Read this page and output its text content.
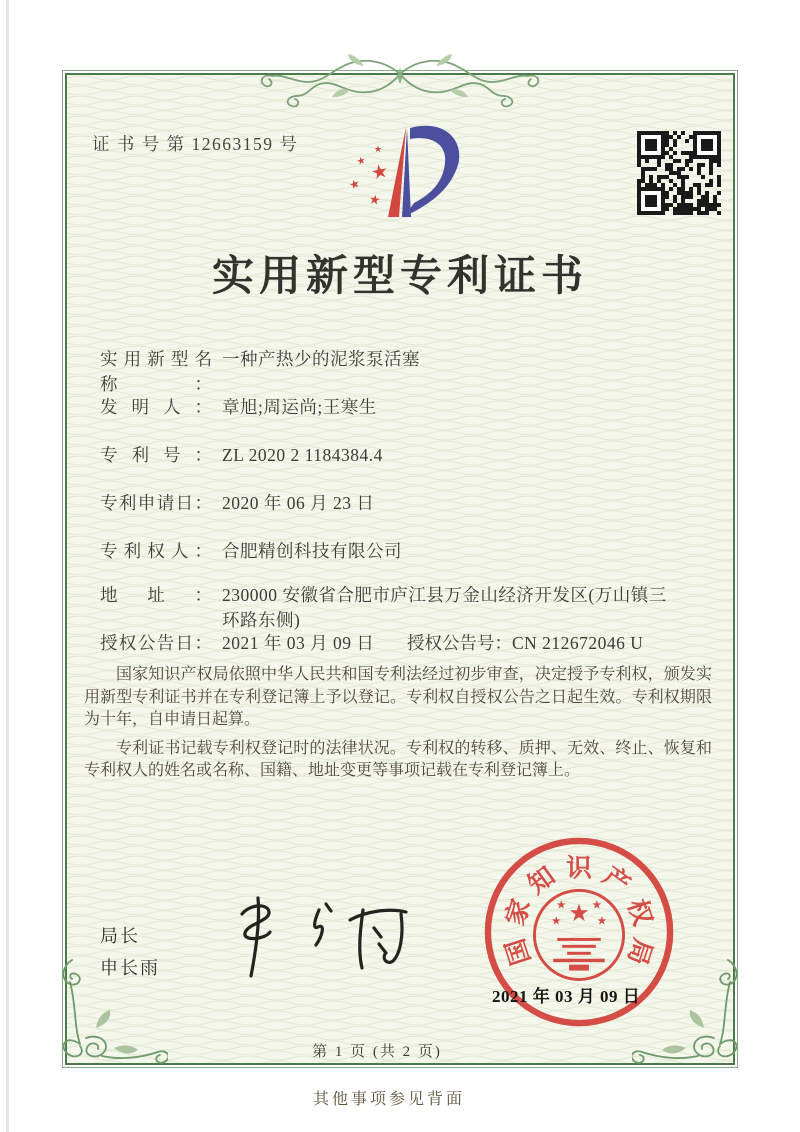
证 书 号 第 12663159 号	★
★ ★
★
★
实用新型专利证书
实用新型名称：一种产热少的泥浆泵活塞
发明人： 章旭;周运尚;王寒生
专利号： ZL 2020 2 1184384.4
专利申请日： 2020 年 06 月 23 日
专利权人： 合肥精创科技有限公司
地址： 230000 安徽省合肥市庐江县万金山经济开发区(万山镇三环路东侧)
授权公告日： 2021 年 03 月 09 日 授权公告号： CN 212672046 U

国家知识产权局依照中华人民共和国专利法经过初步审查，决定授予专利权，颁发实用新型专利证书并在专利登记簿上予以登记。专利权自授权公告之日起生效。专利权期限为十年，自申请日起算。

专利证书记载专利权登记时的法律状况。专利权的转移、质押、无效、终止、恢复和专利权人的姓名或名称、国籍、地址变更等事项记载在专利登记簿上。

局长
申长雨	国
家
知 识 产
权
局
★
★	★
★	★
2021 年 03 月 09 日
第 1 页 (共 2 页)
其他事项参见背面
